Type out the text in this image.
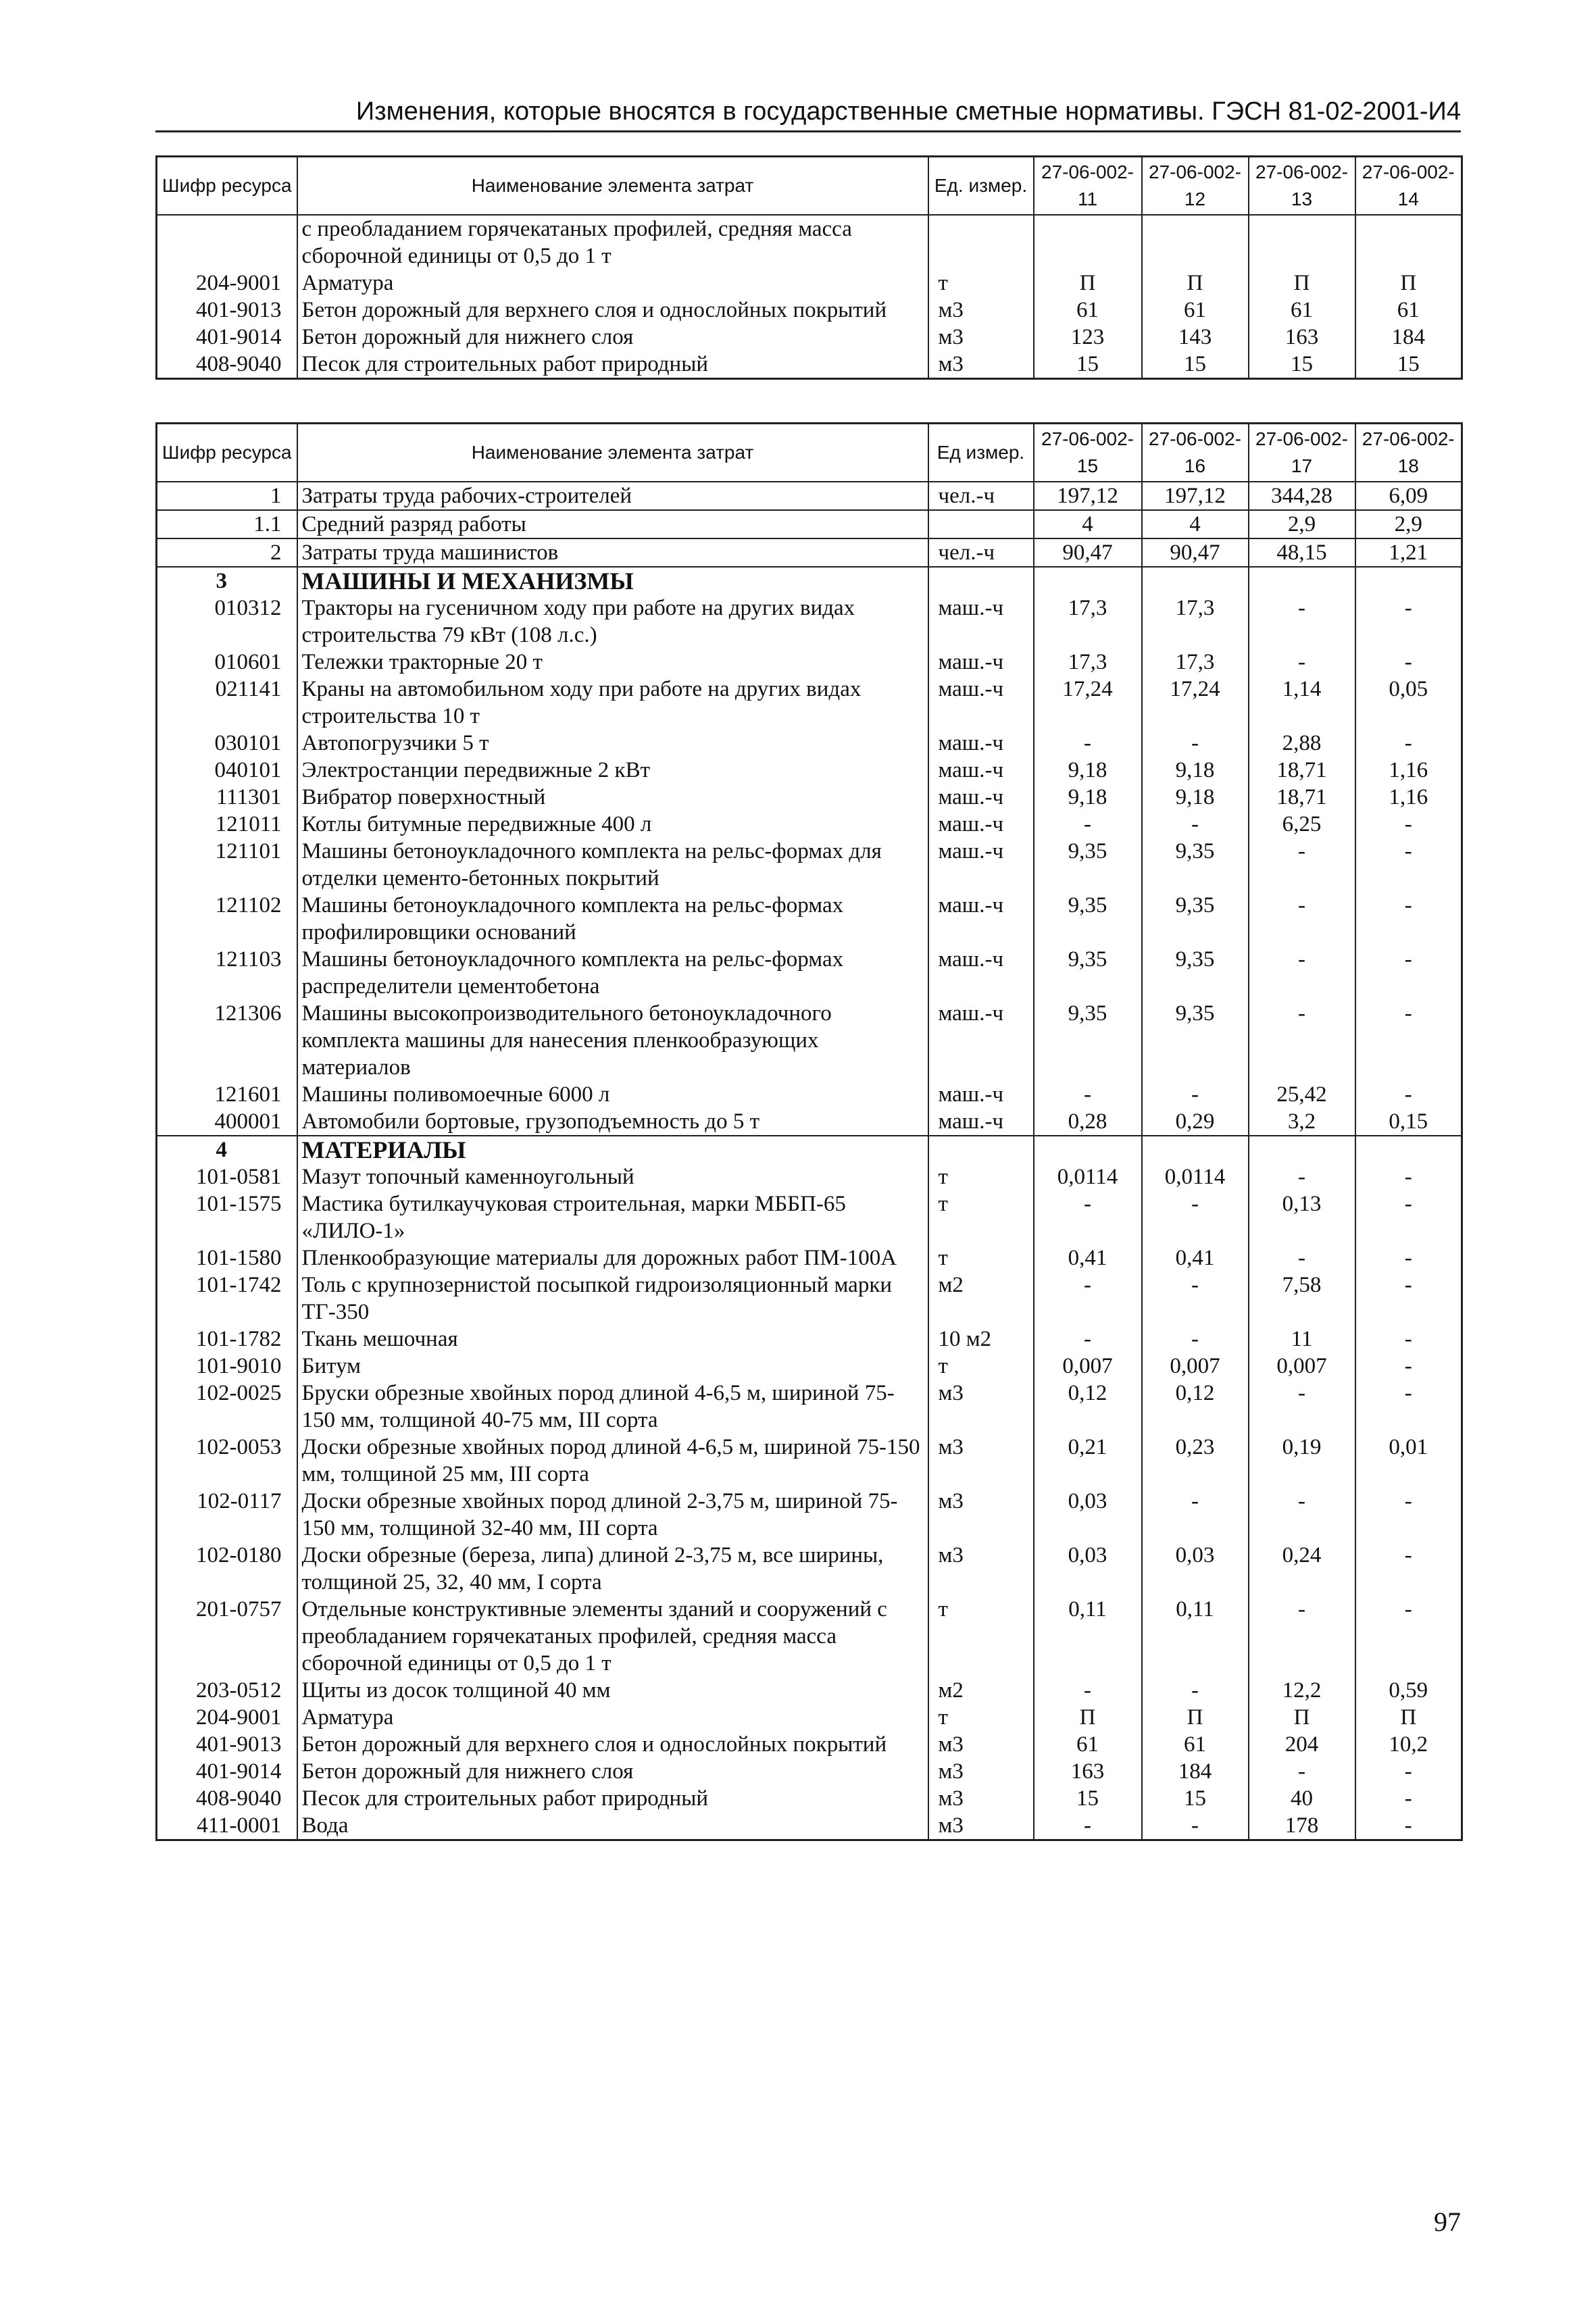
Изменения, которые вносятся в государственные сметные нормативы. ГЭСН 81-02-2001-И4
Шифр ресурса	Наименование элемента затрат	Ед. измер.	27-06-002-11	27-06-002-12	27-06-002-13	27-06-002-14
	с преобладанием горячекатаных профилей, средняя масса сборочной единицы от 0,5 до 1 т					
204-9001	Арматура	т	П	П	П	П
401-9013	Бетон дорожный для верхнего слоя и однослойных покрытий	м3	61	61	61	61
401-9014	Бетон дорожный для нижнего слоя	м3	123	143	163	184
408-9040	Песок для строительных работ природный	м3	15	15	15	15
Шифр ресурса	Наименование элемента затрат	Ед измер.	27-06-002-15	27-06-002-16	27-06-002-17	27-06-002-18
1	Затраты труда рабочих-строителей	чел.-ч	197,12	197,12	344,28	6,09
1.1	Средний разряд работы		4	4	2,9	2,9
2	Затраты труда машинистов	чел.-ч	90,47	90,47	48,15	1,21
3	МАШИНЫ И МЕХАНИЗМЫ					
010312	Тракторы на гусеничном ходу при работе на других видах строительства 79 кВт (108 л.с.)	маш.-ч	17,3	17,3	-	-
010601	Тележки тракторные 20 т	маш.-ч	17,3	17,3	-	-
021141	Краны на автомобильном ходу при работе на других видах строительства 10 т	маш.-ч	17,24	17,24	1,14	0,05
030101	Автопогрузчики 5 т	маш.-ч	-	-	2,88	-
040101	Электростанции передвижные 2 кВт	маш.-ч	9,18	9,18	18,71	1,16
111301	Вибратор поверхностный	маш.-ч	9,18	9,18	18,71	1,16
121011	Котлы битумные передвижные 400 л	маш.-ч	-	-	6,25	-
121101	Машины бетоноукладочного комплекта на рельс-формах для отделки цементо-бетонных покрытий	маш.-ч	9,35	9,35	-	-
121102	Машины бетоноукладочного комплекта на рельс-формах профилировщики оснований	маш.-ч	9,35	9,35	-	-
121103	Машины бетоноукладочного комплекта на рельс-формах распределители цементобетона	маш.-ч	9,35	9,35	-	-
121306	Машины высокопроизводительного бетоноукладочного комплекта машины для нанесения пленкообразующих материалов	маш.-ч	9,35	9,35	-	-
121601	Машины поливомоечные 6000 л	маш.-ч	-	-	25,42	-
400001	Автомобили бортовые, грузоподъемность до 5 т	маш.-ч	0,28	0,29	3,2	0,15
4	МАТЕРИАЛЫ					
101-0581	Мазут топочный каменноугольный	т	0,0114	0,0114	-	-
101-1575	Мастика бутилкаучуковая строительная, марки МББП-65 «ЛИЛО-1»	т	-	-	0,13	-
101-1580	Пленкообразующие материалы для дорожных работ ПМ-100А	т	0,41	0,41	-	-
101-1742	Толь с крупнозернистой посыпкой гидроизоляционный марки ТГ-350	м2	-	-	7,58	-
101-1782	Ткань мешочная	10 м2	-	-	11	-
101-9010	Битум	т	0,007	0,007	0,007	-
102-0025	Бруски обрезные хвойных пород длиной 4-6,5 м, шириной 75-150 мм, толщиной 40-75 мм, III сорта	м3	0,12	0,12	-	-
102-0053	Доски обрезные хвойных пород длиной 4-6,5 м, шириной 75-150 мм, толщиной 25 мм, III сорта	м3	0,21	0,23	0,19	0,01
102-0117	Доски обрезные хвойных пород длиной 2-3,75 м, шириной 75-150 мм, толщиной 32-40 мм, III сорта	м3	0,03	-	-	-
102-0180	Доски обрезные (береза, липа) длиной 2-3,75 м, все ширины, толщиной 25, 32, 40 мм, I сорта	м3	0,03	0,03	0,24	-
201-0757	Отдельные конструктивные элементы зданий и сооружений с преобладанием горячекатаных профилей, средняя масса сборочной единицы от 0,5 до 1 т	т	0,11	0,11	-	-
203-0512	Щиты из досок толщиной 40 мм	м2	-	-	12,2	0,59
204-9001	Арматура	т	П	П	П	П
401-9013	Бетон дорожный для верхнего слоя и однослойных покрытий	м3	61	61	204	10,2
401-9014	Бетон дорожный для нижнего слоя	м3	163	184	-	-
408-9040	Песок для строительных работ природный	м3	15	15	40	-
411-0001	Вода	м3	-	-	178	-
97
